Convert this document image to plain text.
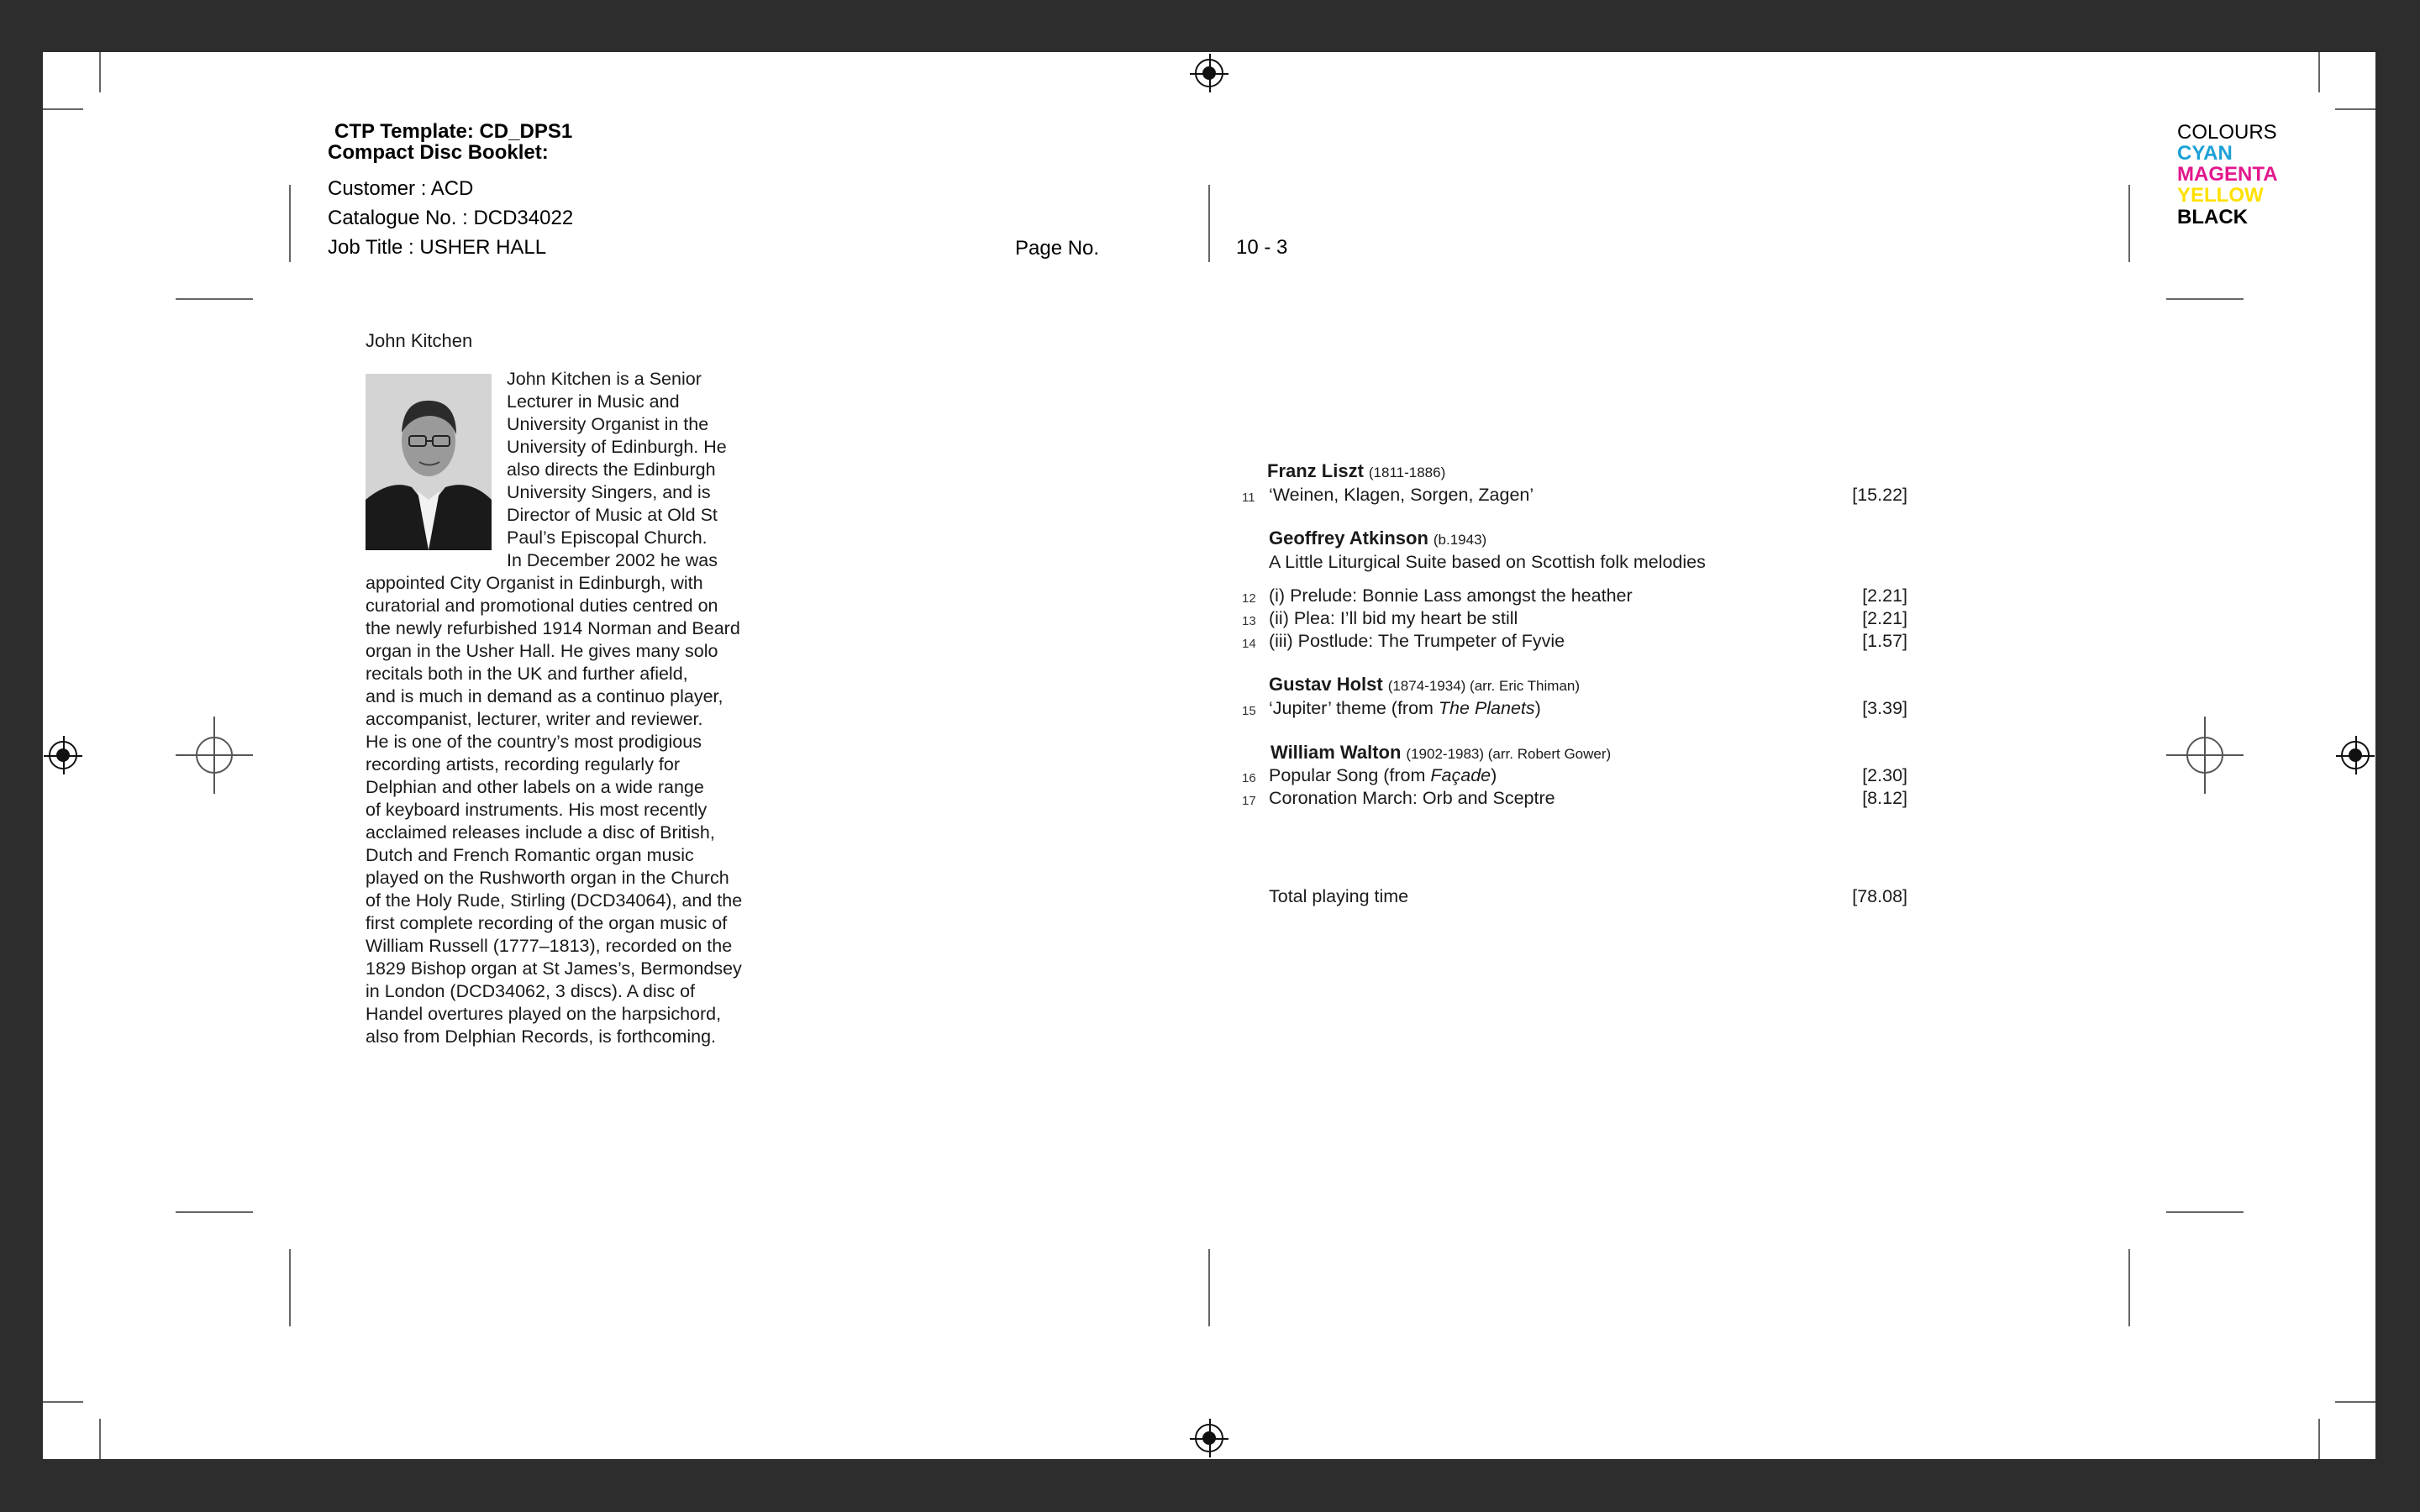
CTP Template: CD_DPS1
Compact Disc Booklet:
Customer : ACD
Catalogue No. : DCD34022
Job Title : USHER HALL	Page No.	10 - 3
COLOURS
CYAN
MAGENTA
YELLOW
BLACK
John Kitchen
John Kitchen is a Senior
Lecturer in Music and
University Organist in the
University of Edinburgh. He
also directs the Edinburgh
University Singers, and is
Director of Music at Old St
Paul’s Episcopal Church.
In December 2002 he was
appointed City Organist in Edinburgh, with
curatorial and promotional duties centred on
the newly refurbished 1914 Norman and Beard
organ in the Usher Hall. He gives many solo
recitals both in the UK and further afield,
and is much in demand as a continuo player,
accompanist, lecturer, writer and reviewer.
He is one of the country’s most prodigious
recording artists, recording regularly for
Delphian and other labels on a wide range
of keyboard instruments. His most recently
acclaimed releases include a disc of British,
Dutch and French Romantic organ music
played on the Rushworth organ in the Church
of the Holy Rude, Stirling (DCD34064), and the
first complete recording of the organ music of
William Russell (1777–1813), recorded on the
1829 Bishop organ at St James’s, Bermondsey
in London (DCD34062, 3 discs). A disc of
Handel overtures played on the harpsichord,
also from Delphian Records, is forthcoming.
Franz Liszt (1811-1886)
11 ‘Weinen, Klagen, Sorgen, Zagen’	[15.22]
Geoffrey Atkinson (b.1943)
A Little Liturgical Suite based on Scottish folk melodies
12 (i) Prelude: Bonnie Lass amongst the heather	[2.21]
13 (ii) Plea: I’ll bid my heart be still	[2.21]
14 (iii) Postlude: The Trumpeter of Fyvie	[1.57]
Gustav Holst (1874-1934) (arr. Eric Thiman)
15 ‘Jupiter’ theme (from The Planets)	[3.39]
William Walton (1902-1983) (arr. Robert Gower)
16 Popular Song (from Façade)	[2.30]
17 Coronation March: Orb and Sceptre	[8.12]
Total playing time	[78.08]
